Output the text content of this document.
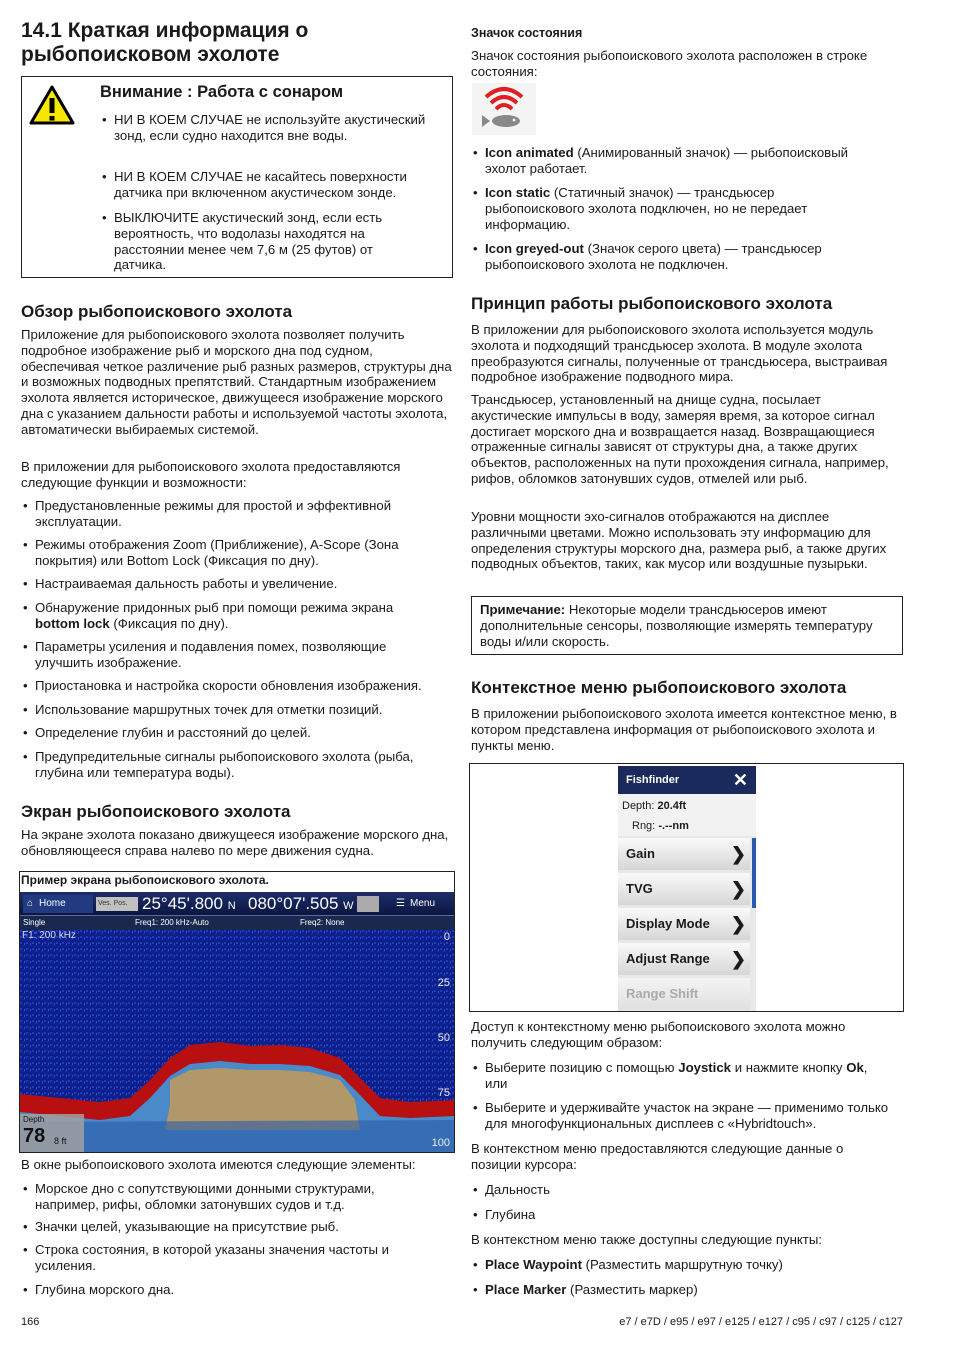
14.1 Краткая информация о рыбопоисковом эхолоте
Внимание : Работа с сонаром
• НИ В КОЕМ СЛУЧАЕ не используйте акустический зонд, если судно находится вне воды.
• НИ В КОЕМ СЛУЧАЕ не касайтесь поверхности датчика при включенном акустическом зонде.
• ВЫКЛЮЧИТЕ акустический зонд, если есть вероятность, что водолазы находятся на расстоянии менее чем 7,6 м (25 футов) от датчика.
Обзор рыбопоискового эхолота

Приложение для рыбопоискового эхолота позволяет получить подробное изображение рыб и морского дна под судном, обеспечивая четкое различение рыб разных размеров, структуры дна и возможных подводных препятствий. Стандартным изображением эхолота является историческое, движущееся изображение морского дна с указанием дальности работы и используемой частоты эхолота, автоматически выбираемых системой.

В приложении для рыбопоискового эхолота предоставляются следующие функции и возможности:

• Предустановленные режимы для простой и эффективной эксплуатации.
• Режимы отображения Zoom (Приближение), A-Scope (Зона покрытия) или Bottom Lock (Фиксация по дну).
• Настраиваемая дальность работы и увеличение.
• Обнаружение придонных рыб при помощи режима экрана bottom lock (Фиксация по дну).
• Параметры усиления и подавления помех, позволяющие улучшить изображение.
• Приостановка и настройка скорости обновления изображения.
• Использование маршрутных точек для отметки позиций.
• Определение глубин и расстояний до целей.
• Предупредительные сигналы рыбопоискового эхолота (рыба, глубина или температура воды).
Экран рыбопоискового эхолота

На экране эхолота показано движущееся изображение морского дна, обновляющееся справа налево по мере движения судна.

Пример экрана рыбопоискового эхолота.
⌂ Home	Ves. Pos. 25°45'.800 N 080°07'.505 W	☰ Menu
Single	Freq1: 200 kHz-Auto	Freq2: None
F1: 200 kHz	0
25
50
75
100
Depth
78 8 ft

В окне рыбопоискового эхолота имеются следующие элементы:

• Морское дно с сопутствующими донными структурами, например, рифы, обломки затонувших судов и т.д.
• Значки целей, указывающие на присутствие рыб.
• Строка состояния, в которой указаны значения частоты и усиления.
• Глубина морского дна.
Значок состояния

Значок состояния рыбопоискового эхолота расположен в строке состояния:

• Icon animated (Анимированный значок) — рыбопоисковый эхолот работает.
• Icon static (Статичный значок) — трансдьюсер рыбопоискового эхолота подключен, но не передает информацию.
• Icon greyed-out (Значок серого цвета) — трансдьюсер рыбопоискового эхолота не подключен.
Принцип работы рыбопоискового эхолота

В приложении для рыбопоискового эхолота используется модуль эхолота и подходящий трансдьюсер эхолота. В модуле эхолота преобразуются сигналы, полученные от трансдьюсера, выстраивая подробное изображение подводного мира.

Трансдьюсер, установленный на днище судна, посылает акустические импульсы в воду, замеряя время, за которое сигнал достигает морского дна и возвращается назад. Возвращающиеся отраженные сигналы зависят от структуры дна, а также других объектов, расположенных на пути прохождения сигнала, например, рифов, обломков затонувших судов, отмелей или рыб.

Уровни мощности эхо-сигналов отображаются на дисплее различными цветами. Можно использовать эту информацию для определения структуры морского дна, размера рыб, а также других подводных объектов, таких, как мусор или воздушные пузырьки.

Примечание: Некоторые модели трансдьюсеров имеют дополнительные сенсоры, позволяющие измерять температуру воды и/или скорость.
Контекстное меню рыбопоискового эхолота

В приложении рыбопоискового эхолота имеется контекстное меню, в котором представлена информация от рыбопоискового эхолота и пункты меню.

Fishfinder	✕
Depth: 20.4ft
Rng: -.--nm
Gain	❯
TVG	❯
Display Mode ❯
Adjust Range ❯
Range Shift

Доступ к контекстному меню рыбопоискового эхолота можно получить следующим образом:

• Выберите позицию с помощью Joystick и нажмите кнопку Ok, или
• Выберите и удерживайте участок на экране — применимо только для многофункциональных дисплеев с «Hybridtouch».

В контекстном меню предоставляются следующие данные о позиции курсора:

• Дальность
• Глубина

В контекстном меню также доступны следующие пункты:

• Place Waypoint (Разместить маршрутную точку)
• Place Marker (Разместить маркер)
166	e7 / e7D / e95 / e97 / e125 / e127 / c95 / c97 / c125 / c127
